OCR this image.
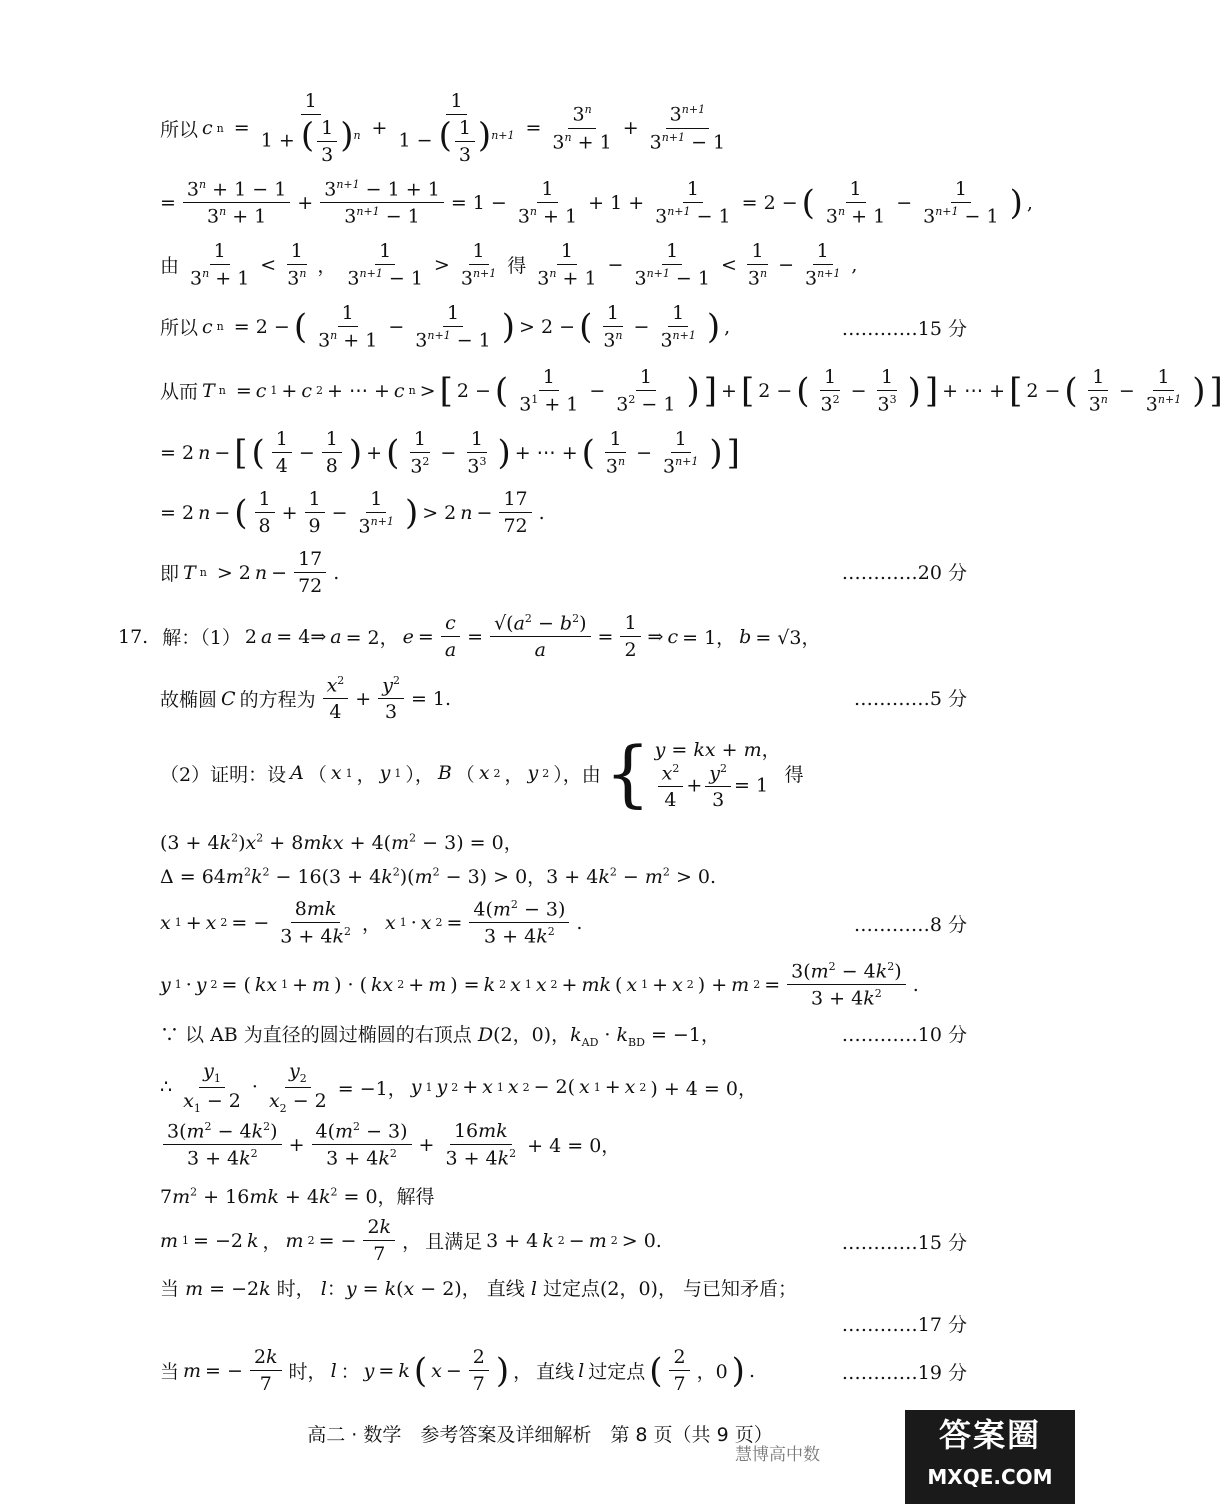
所以 c n =
1
1 + ( $\frac{1}{3} )^n$ +
1
1 − ( $\frac{1}{3} )^{n+1}$ =
$3^n$
$3^n + 1$
+
$3^{n+1}$
$3^{n+1} - 1$
=
$3^n + 1 - 1$
$3^n + 1$
+
$3^{n+1} - 1 + 1$
$3^{n+1} - 1$
= 1 −
1
$3^n + 1$
+ 1 +
1
$3^{n+1} - 1$
= 2 − ( 1
$3^n + 1$
−
1
$3^{n+1} - 1$ ) ,
由
1
$3^n + 1$
<
1
3$^n$ ，
1
$3^{n+1} - 1$
>
1
$3^{n+1}$ 得
1
$3^n + 1$
−
1
$3^{n+1} - 1$
<
1
$3^n$ −
1
$3^{n+1}$ ,
所以 c n = 2 − ( 1
$3^n + 1$
−
1
$3^{n+1} - 1$ ) > 2 − ( 1
$3^n$ −
1
$3^{n+1}$ ) ,	…………15 分
从而 T n = c 1 + c 2 + ⋯ + c n > [ 2 − ( 1
$3^1 + 1$
−
1
$3^2 - 1$ ) ] + [ 2 − ( 1
$3^2$ −
1
$3^3$ ) ] + ⋯ + [ 2 − ( 1
$3^n$ −
1
$3^{n+1}$ ) ]
= 2 n − [ ( 1
4
−
1
8 ) + ( 1
$3^2$ −
1
$3^3$ ) + ⋯ + ( 1
$3^n$ −
1
$3^{n+1}$ ) ]
= 2 n − ( 1
8
+
1
9
−
1
$3^{n+1}$ ) > 2 n −
17
72
.
即 T n > 2 n −
17
72
.	…………20 分
17.
解：（1） 2 a = 4⇒ a = 2， e =
c
a
=
$√(a^2 - b^2)$
a
=
1
2
⇒ c = 1， b = √3，
故椭圆 C 的方程为
$x^2$
4
+
$y^2$
3
= 1.	…………5 分
（2）证明：设 A （ x 1 ， y 1 ）， B （ x 2 ， y 2 ），由 { y = kx + m，
$\frac{x^2}{4} + \frac{y^2}{3} = 1$ 得
$(3 + 4k^2)x^2 + 8mkx + 4(m^2 - 3) = 0$，
$\Delta = 64m^2k^2 - 16(3 + 4k^2)(m^2 - 3) > 0$，$3 + 4k^2 - m^2 > 0$.
x 1 + x 2 = −
8mk
$3 + 4k^2$ ， x 1 · x 2 =
$4(m^2 - 3)$
$3 + 4k^2$ .	…………8 分
y 1 · y 2 = ( kx 1 + m ) · ( kx 2 + m ) = k 2 x 1 x 2 + mk ( x 1 + x 2 ) + m 2 =
$3(m^2 - 4k^2)$
$3 + 4k^2$ .
∵ 以 AB 为直径的圆过椭圆的右顶点 D(2，0)，$k_{AD} \cdot k_{BD} = -1$，	…………10 分
∴
$y_1$
$x_1 - 2$
·
$y_2$
$x_2 - 2$
= −1， y 1 y 2 + x 1 x 2 − 2( x 1 + x 2 ) + 4 = 0，
$3(m^2 - 4k^2)$
$3 + 4k^2$ +
$4(m^2 - 3)$
$3 + 4k^2$ +
16mk
$3 + 4k^2 + 4 = 0$，
$7m^2 + 16mk + 4k^2 = 0$，解得
m 1 = −2 k ， m 2 = −
2k
7
， 且满足 3 + 4 k 2 − m 2 > 0.	…………15 分
当 m = −2k 时， l：y = k(x − 2)， 直线 l 过定点(2，0)， 与已知矛盾；
…………17 分
当 m = −
2k
7
时， l ： y = k ( x −
2
7 ) ， 直线 l 过定点 ( 2
7
，0 ) .	…………19 分
高二 · 数学　参考答案及详细解析　第 8 页（共 9 页）
慧博高中数
答案圈
MXQE.COM
